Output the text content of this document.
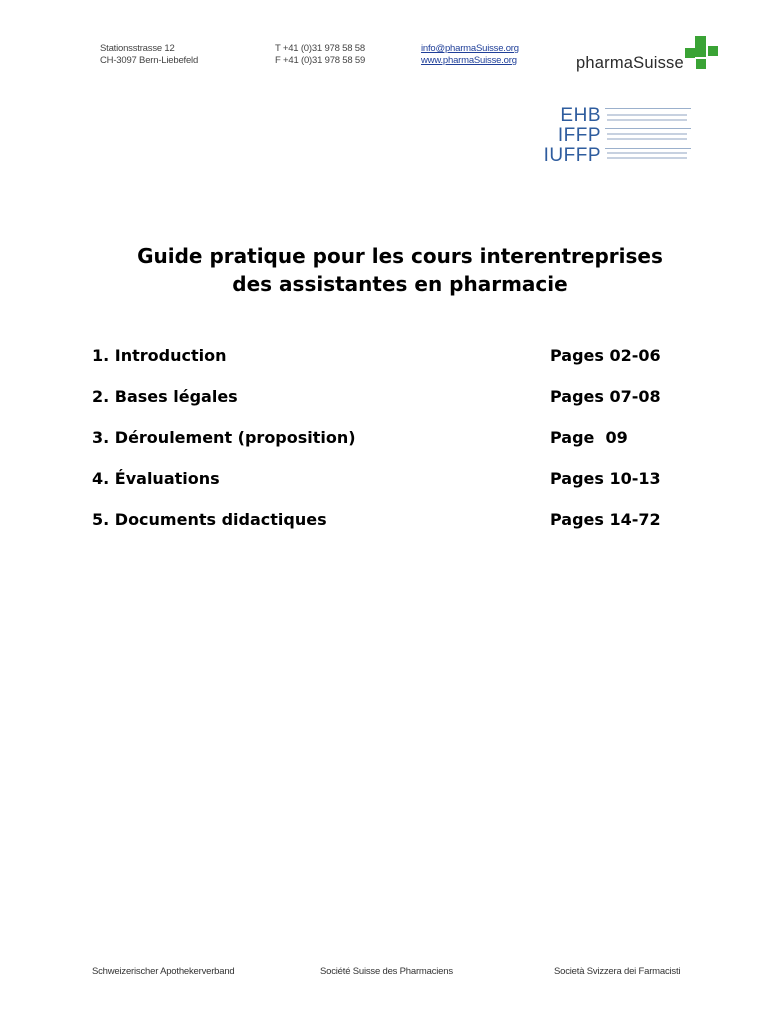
Stationsstrasse 12
CH-3097 Bern-Liebefeld
T +41 (0)31 978 58 58
F +41 (0)31 978 58 59
info@pharmaSuisse.org
www.pharmaSuisse.org	pharmaSuisse
EHB
IFFP
IUFFP
Guide pratique pour les cours interentreprises
des assistantes en pharmacie
1. Introduction	Pages 02-06
2. Bases légales	Pages 07-08
3. Déroulement (proposition)	Page  09
4. Évaluations	Pages 10-13
5. Documents didactiques	Pages 14-72
Schweizerischer Apothekerverband	Société Suisse des Pharmaciens	Società Svizzera dei Farmacisti
